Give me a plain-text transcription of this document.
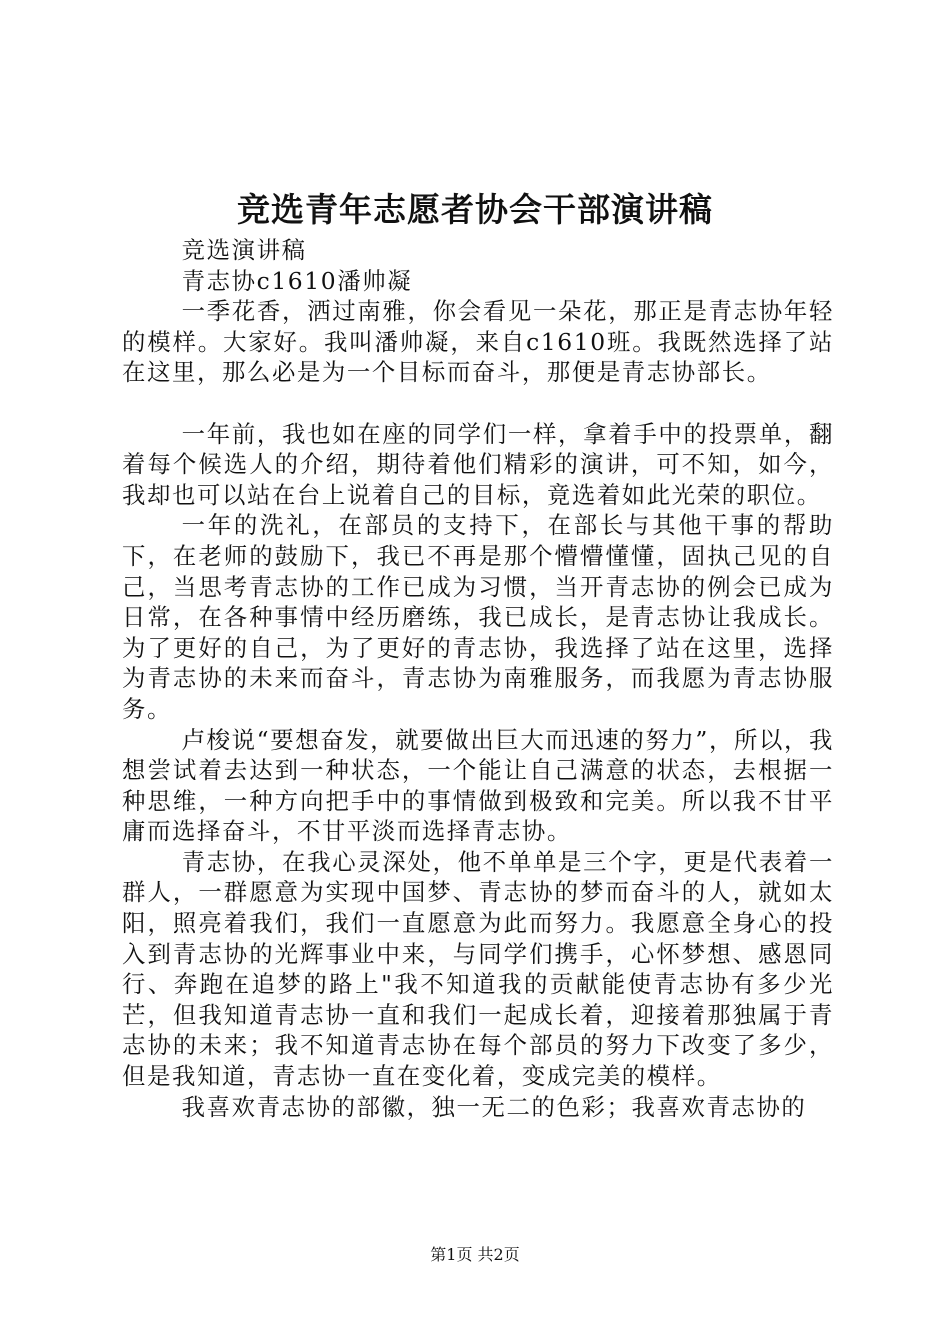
竞选青年志愿者协会干部演讲稿

竞选演讲稿

青志协c1610潘帅凝

一季花香，洒过南雅，你会看见一朵花，那正是青志协年轻的模样。大家好。我叫潘帅凝，来自c1610班。我既然选择了站在这里，那么必是为一个目标而奋斗，那便是青志协部长。

一年前，我也如在座的同学们一样，拿着手中的投票单，翻着每个候选人的介绍，期待着他们精彩的演讲，可不知，如今，我却也可以站在台上说着自己的目标，竟选着如此光荣的职位。

一年的洗礼，在部员的支持下，在部长与其他干事的帮助下，在老师的鼓励下，我已不再是那个懵懵懂懂，固执己见的自己，当思考青志协的工作已成为习惯，当开青志协的例会已成为日常，在各种事情中经历磨练，我已成长，是青志协让我成长。为了更好的自己，为了更好的青志协，我选择了站在这里，选择为青志协的未来而奋斗，青志协为南雅服务，而我愿为青志协服务。

卢梭说“要想奋发，就要做出巨大而迅速的努力”，所以，我想尝试着去达到一种状态，一个能让自己满意的状态，去根据一种思维，一种方向把手中的事情做到极致和完美。所以我不甘平庸而选择奋斗，不甘平淡而选择青志协。

青志协，在我心灵深处，他不单单是三个字，更是代表着一群人，一群愿意为实现中国梦、青志协的梦而奋斗的人，就如太阳，照亮着我们，我们一直愿意为此而努力。我愿意全身心的投入到青志协的光辉事业中来，与同学们携手，心怀梦想、感恩同行、奔跑在追梦的路上"我不知道我的贡献能使青志协有多少光芒，但我知道青志协一直和我们一起成长着，迎接着那独属于青志协的未来；我不知道青志协在每个部员的努力下改变了多少，但是我知道，青志协一直在变化着，变成完美的模样。

我喜欢青志协的部徽，独一无二的色彩；我喜欢青志协的

第1页 共2页
